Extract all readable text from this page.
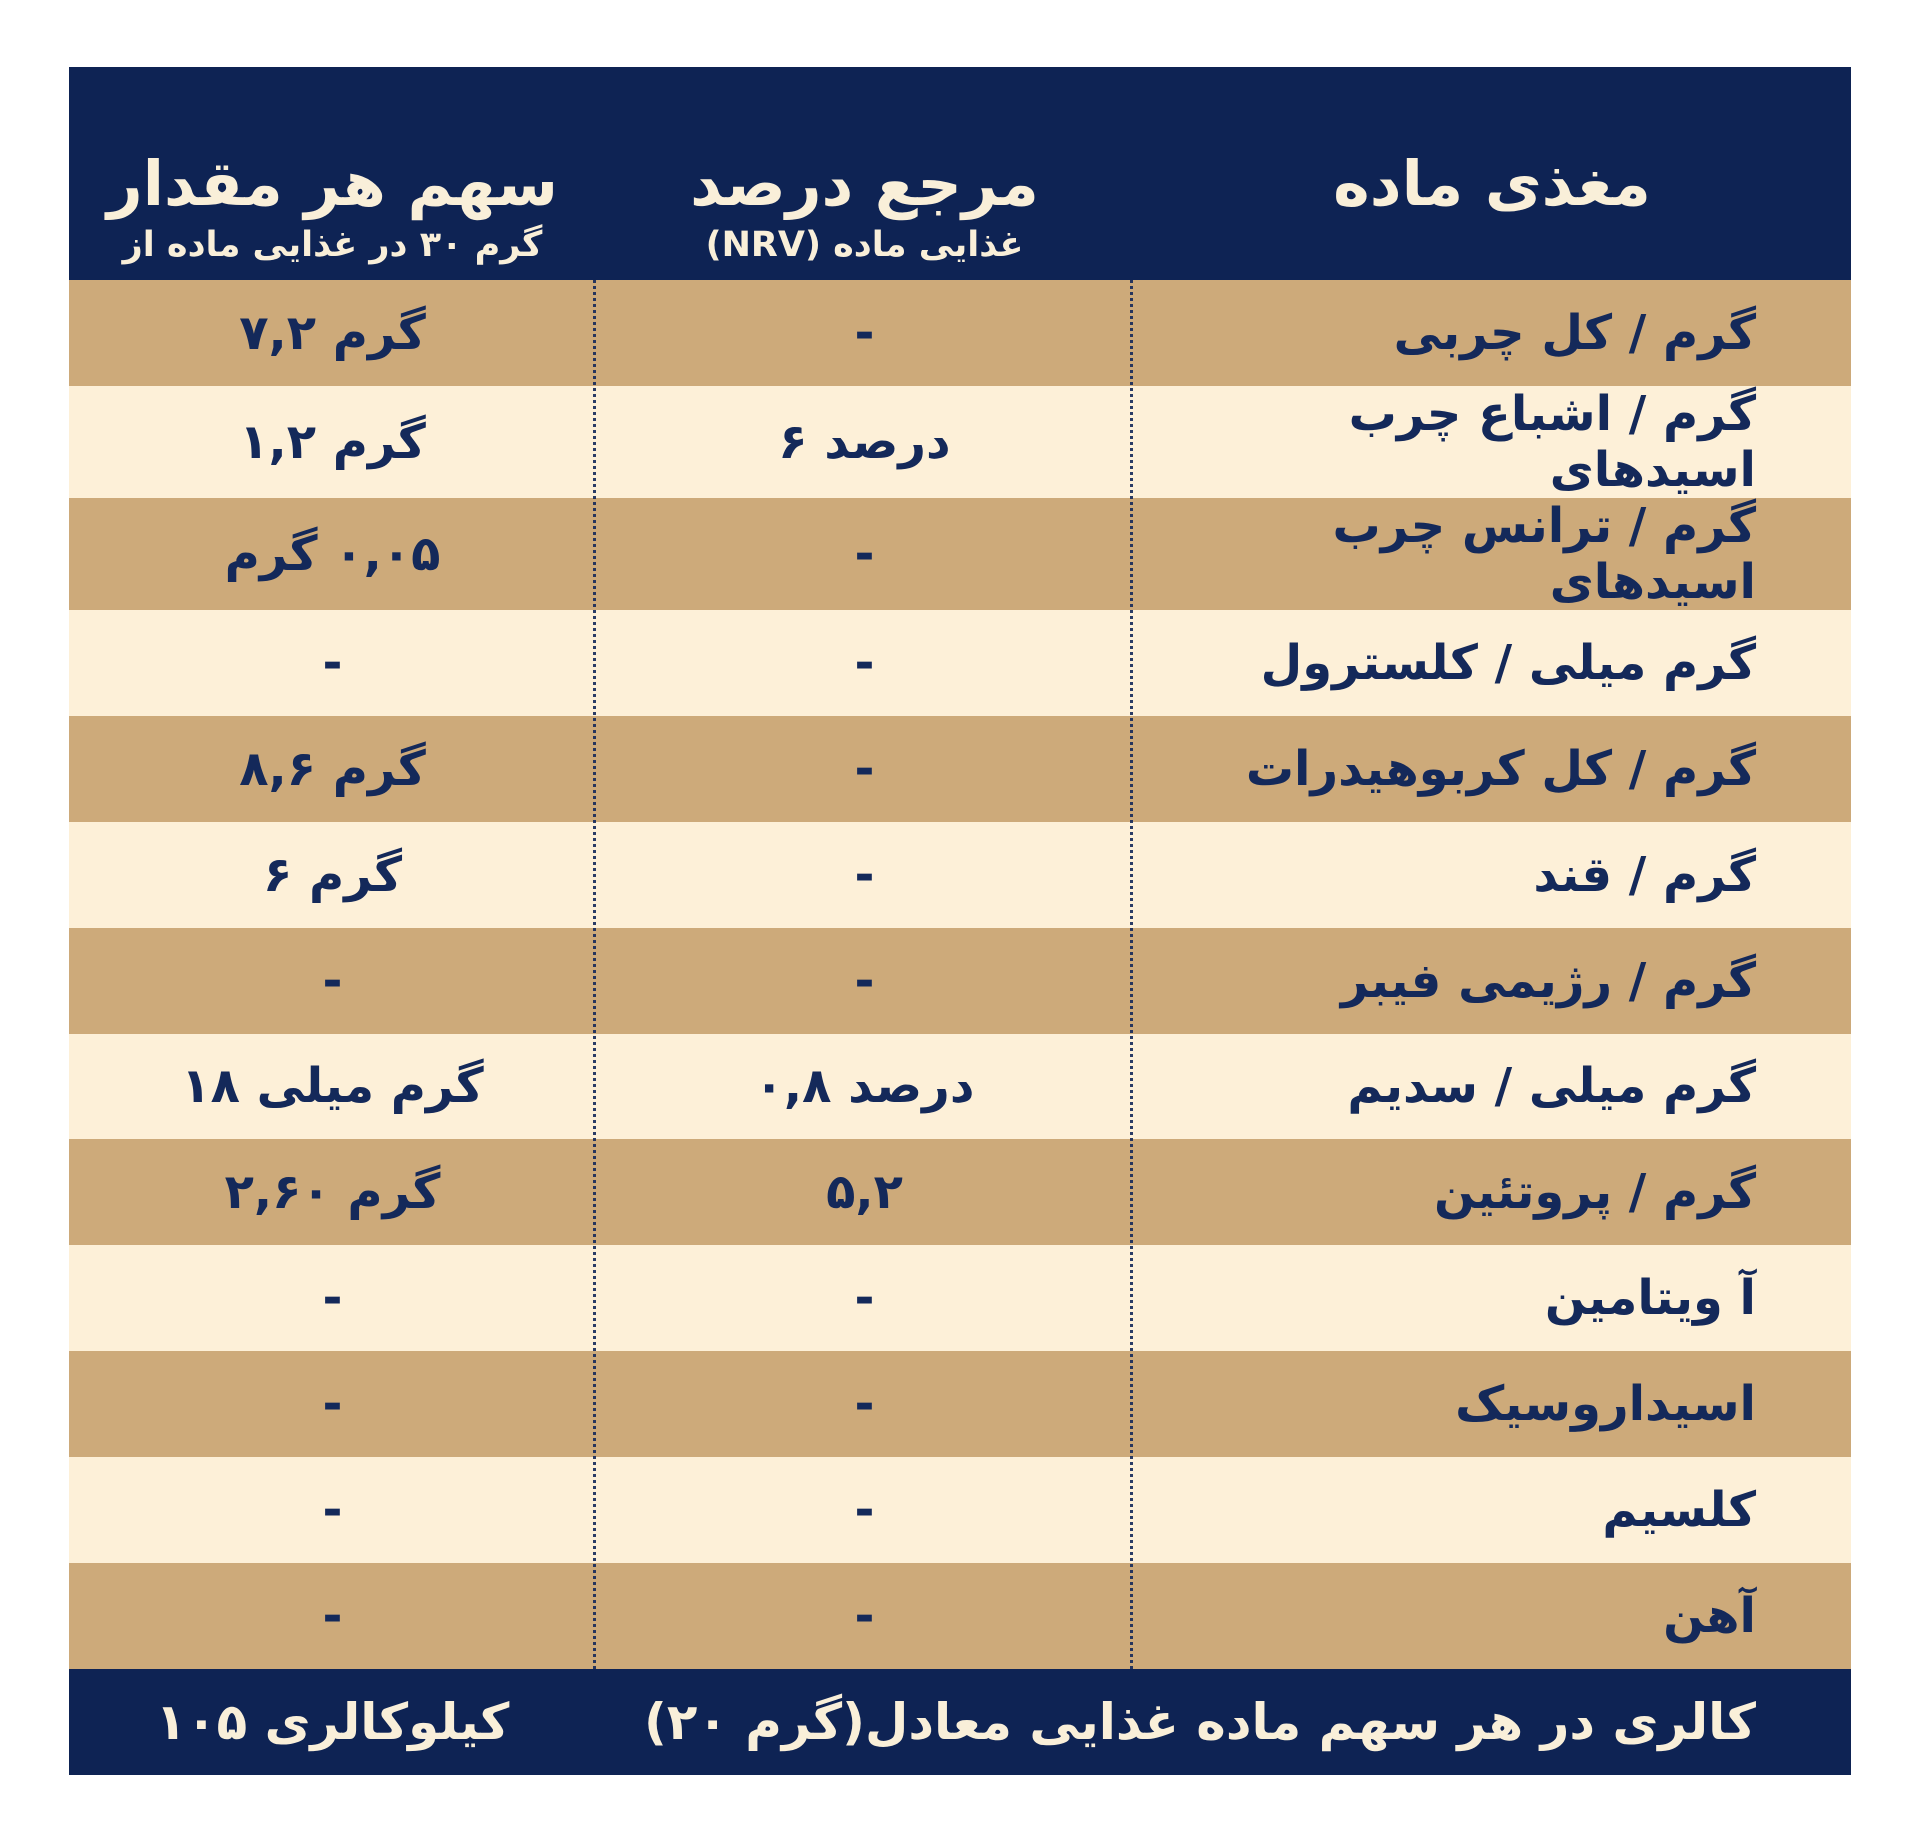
مغذی ماده
مرجع درصد
غذایی ماده (NRV)
سهم هر مقدار
گرم ۳۰ در غذایی ماده از
گرم / کل چربی
-
گرم ۷,۲
گرم / اشباع چرب اسیدهای
درصد ۶
گرم ۱,۲
گرم / ترانس چرب اسیدهای
-
۰,۰۵ گرم
گرم میلی / کلسترول
-
-
گرم / کل کربوهیدرات
-
گرم ۸,۶
گرم / قند
-
گرم ۶
گرم / رژیمی فیبر
-
-
گرم میلی / سدیم
درصد ۰,۸
گرم میلی ۱۸
گرم / پروتئین
۵,۲
گرم ۲,۶۰
آ ویتامین
-
-
اسیداروسیک
-
-
کلسیم
-
-
آهن
-
-
کالری در هر سهم ماده غذایی معادل(گرم ۲۰)
کیلوکالری ۱۰۵
